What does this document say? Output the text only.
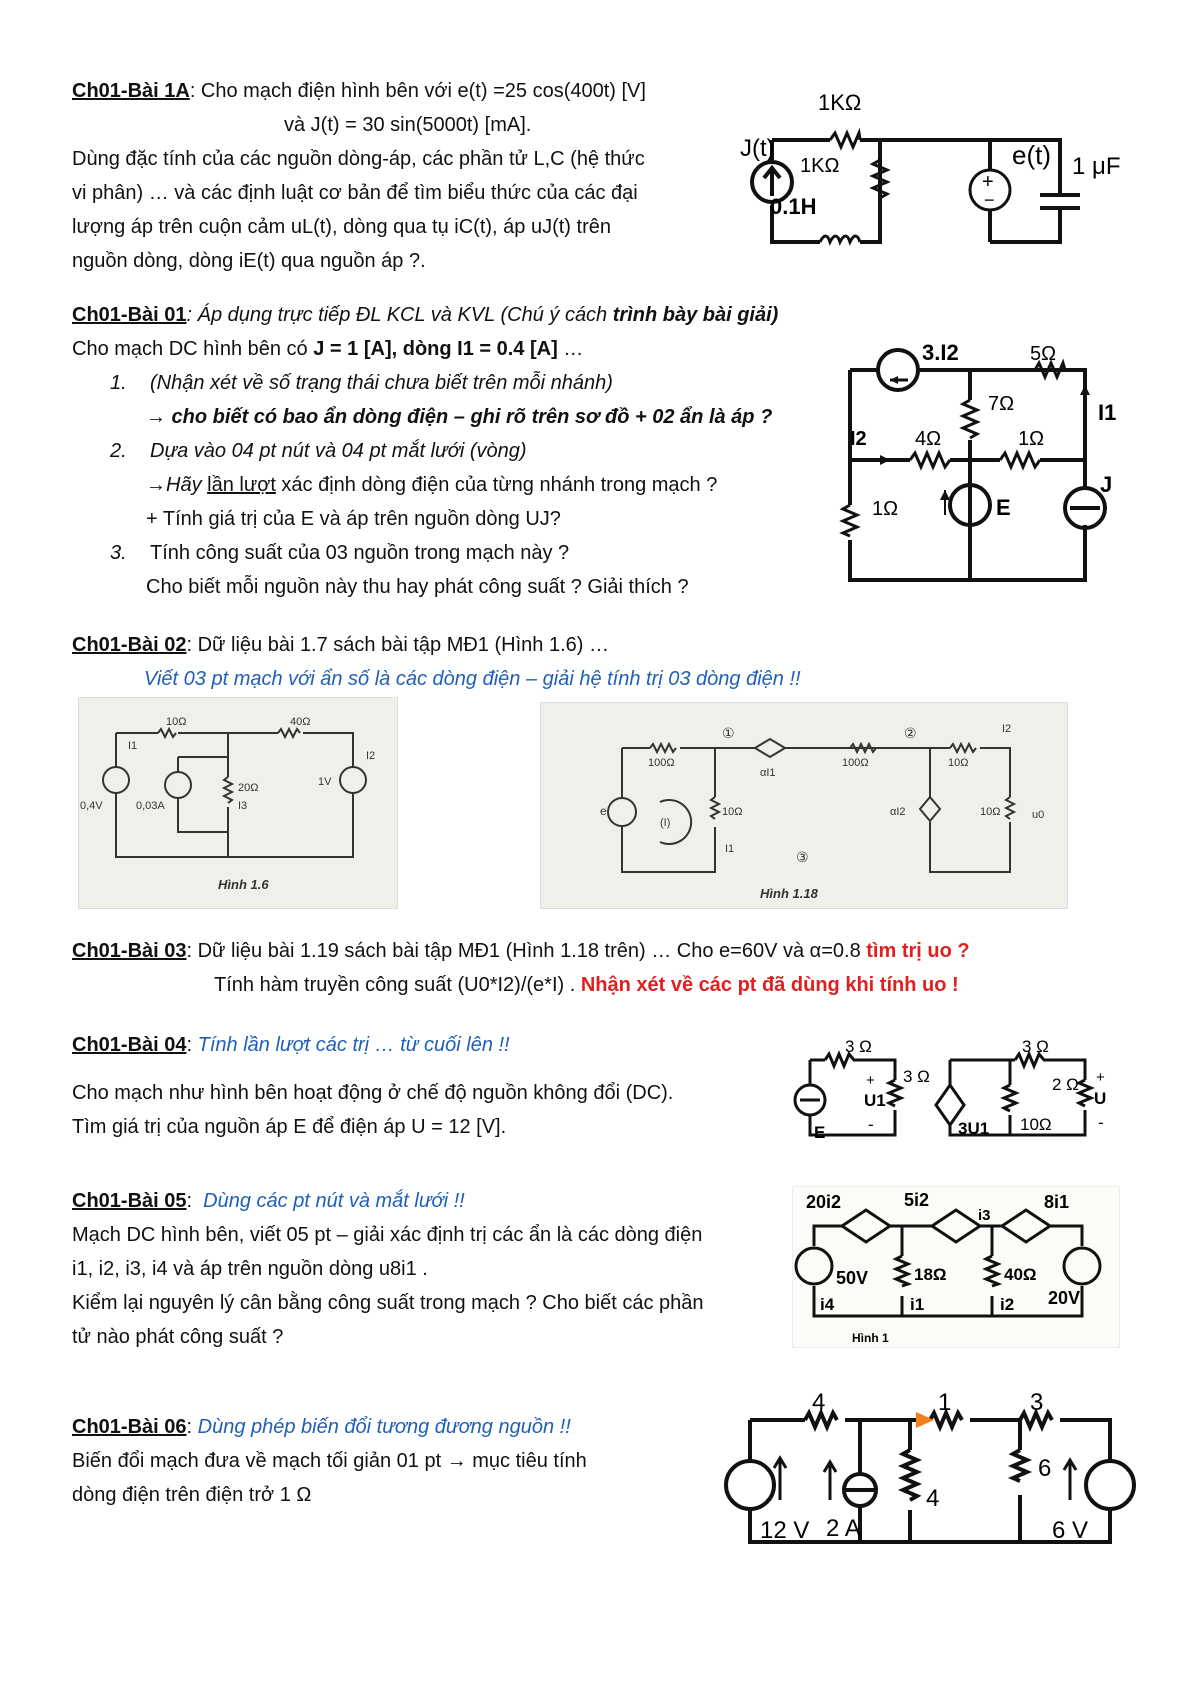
Ch01-Bài 1A: Cho mạch điện hình bên với e(t) =25 cos(400t) [V]
và J(t) = 30 sin(5000t) [mA].
Dùng đặc tính của các nguồn dòng-áp, các phần tử L,C (hệ thức
vi phân) … và các định luật cơ bản để tìm biểu thức của các đại
lượng áp trên cuộn cảm uL(t), dòng qua tụ iC(t), áp uJ(t) trên
nguồn dòng, dòng iE(t) qua nguồn áp ?.
+
−
1KΩ
1KΩ
0.1H
J(t)	e(t) 1 μF
Ch01-Bài 01: Áp dụng trực tiếp ĐL KCL và KVL (Chú ý cách trình bày bài giải)
Cho mạch DC hình bên có J = 1 [A], dòng I1 = 0.4 [A] …
1. (Nhận xét về số trạng thái chưa biết trên mỗi nhánh)
→ cho biết có bao ẩn dòng điện – ghi rõ trên sơ đồ + 02 ẩn là áp ?
2. Dựa vào 04 pt nút và 04 pt mắt lưới (vòng)
→Hãy lần lượt xác định dòng điện của từng nhánh trong mạch ?
+ Tính giá trị của E và áp trên nguồn dòng UJ?
3. Tính công suất của 03 nguồn trong mạch này ?
Cho biết mỗi nguồn này thu hay phát công suất ? Giải thích ?
3.I2	5Ω
7Ω	I1
I2 4Ω	1Ω
J
1Ω	E
Ch01-Bài 02: Dữ liệu bài 1.7 sách bài tập MĐ1 (Hình 1.6) …
Viết 03 pt mạch với ẩn số là các dòng điện – giải hệ tính trị 03 dòng điện !!
10Ω	40Ω
I1
I2
20Ω
I3
0,4V	0,03A
1V
Hình 1.6
①	②
③
100Ω	100Ω	10Ω
10Ω	10Ω
αI1
αI2
e
I1
I2
(I)
u0
Hình 1.18
Ch01-Bài 03: Dữ liệu bài 1.19 sách bài tập MĐ1 (Hình 1.18 trên) … Cho e=60V và α=0.8 tìm trị uo ?
Tính hàm truyền công suất (U0*I2)/(e*I) . Nhận xét về các pt đã dùng khi tính uo !
Ch01-Bài 04: Tính lần lượt các trị … từ cuối lên !!
Cho mạch như hình bên hoạt động ở chế độ nguồn không đổi (DC).
Tìm giá trị của nguồn áp E để điện áp U = 12 [V].
3 Ω	3 Ω
3 Ω	2 Ω
10Ω
+
U1
-
+
U
-
E	3U1
Ch01-Bài 05:  Dùng các pt nút và mắt lưới !!
Mạch DC hình bên, viết 05 pt – giải xác định trị các ẩn là các dòng điện
i1, i2, i3, i4 và áp trên nguồn dòng u8i1 .
Kiểm lại nguyên lý cân bằng công suất trong mạch ? Cho biết các phần
tử nào phát công suất ?
20i2	5i2	8i1
i3
50V	18Ω	40Ω
20V
i4	i1	i2
Hình 1
Ch01-Bài 06: Dùng phép biến đổi tương đương nguồn !!
Biến đổi mạch đưa về mạch tối giản 01 pt → mục tiêu tính
dòng điện trên điện trở 1 Ω
4	1	3
6
4
12 V 2 A	6 V
